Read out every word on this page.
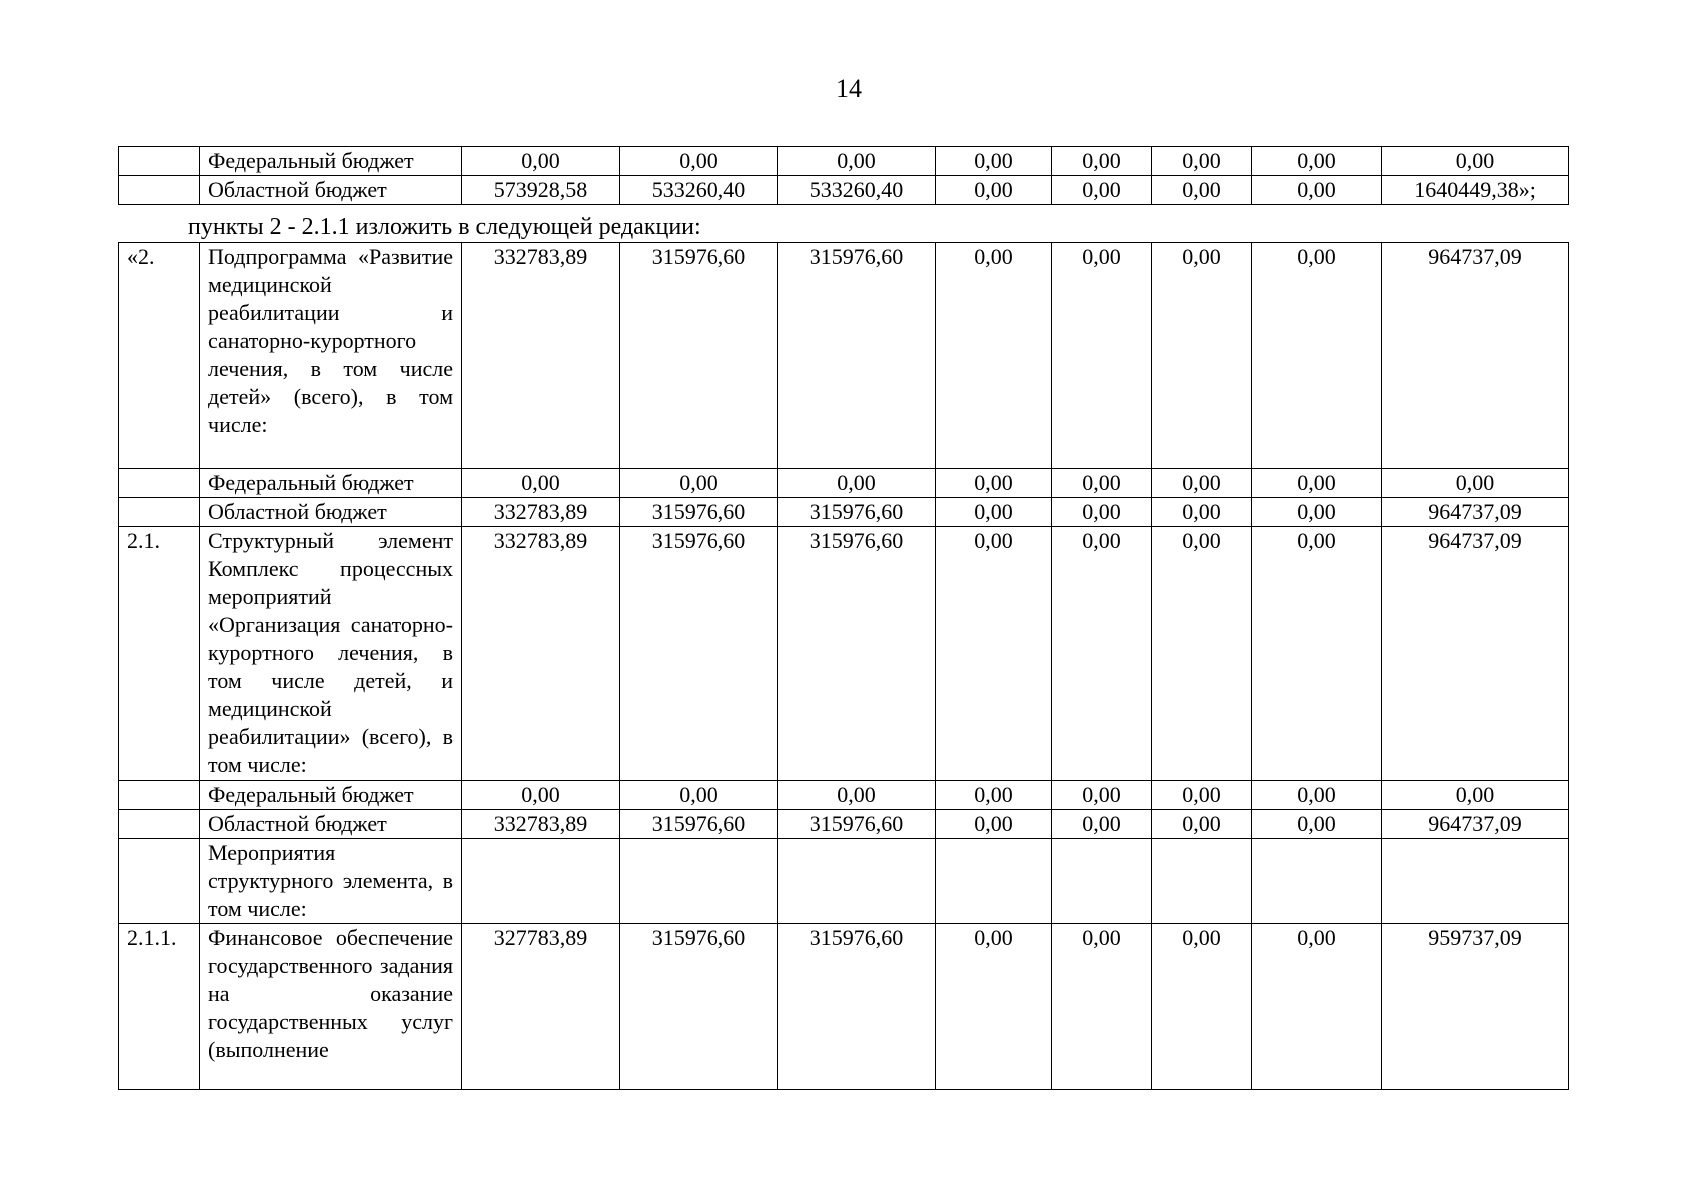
14
	Федеральный бюджет	0,00	0,00	0,00	0,00	0,00	0,00	0,00	0,00
	Областной бюджет	573928,58	533260,40	533260,40	0,00	0,00	0,00	0,00	1640449,38»;
пункты 2 - 2.1.1 изложить в следующей редакции:
«2.	Подпрограмма «Развитие медицинской реабилитации и санаторно-курортного лечения, в том числе детей» (всего), в том числе:	332783,89	315976,60	315976,60	0,00	0,00	0,00	0,00	964737,09
	Федеральный бюджет	0,00	0,00	0,00	0,00	0,00	0,00	0,00	0,00
	Областной бюджет	332783,89	315976,60	315976,60	0,00	0,00	0,00	0,00	964737,09
2.1.	Структурный элемент Комплекс процессных мероприятий «Организация санаторно-курортного лечения, в том числе детей, и медицинской реабилитации» (всего), в том числе:	332783,89	315976,60	315976,60	0,00	0,00	0,00	0,00	964737,09
	Федеральный бюджет	0,00	0,00	0,00	0,00	0,00	0,00	0,00	0,00
	Областной бюджет	332783,89	315976,60	315976,60	0,00	0,00	0,00	0,00	964737,09
	Мероприятия структурного элемента, в том числе:								
2.1.1.	Финансовое обеспечение государственного задания на оказание государственных услуг (выполнение	327783,89	315976,60	315976,60	0,00	0,00	0,00	0,00	959737,09
